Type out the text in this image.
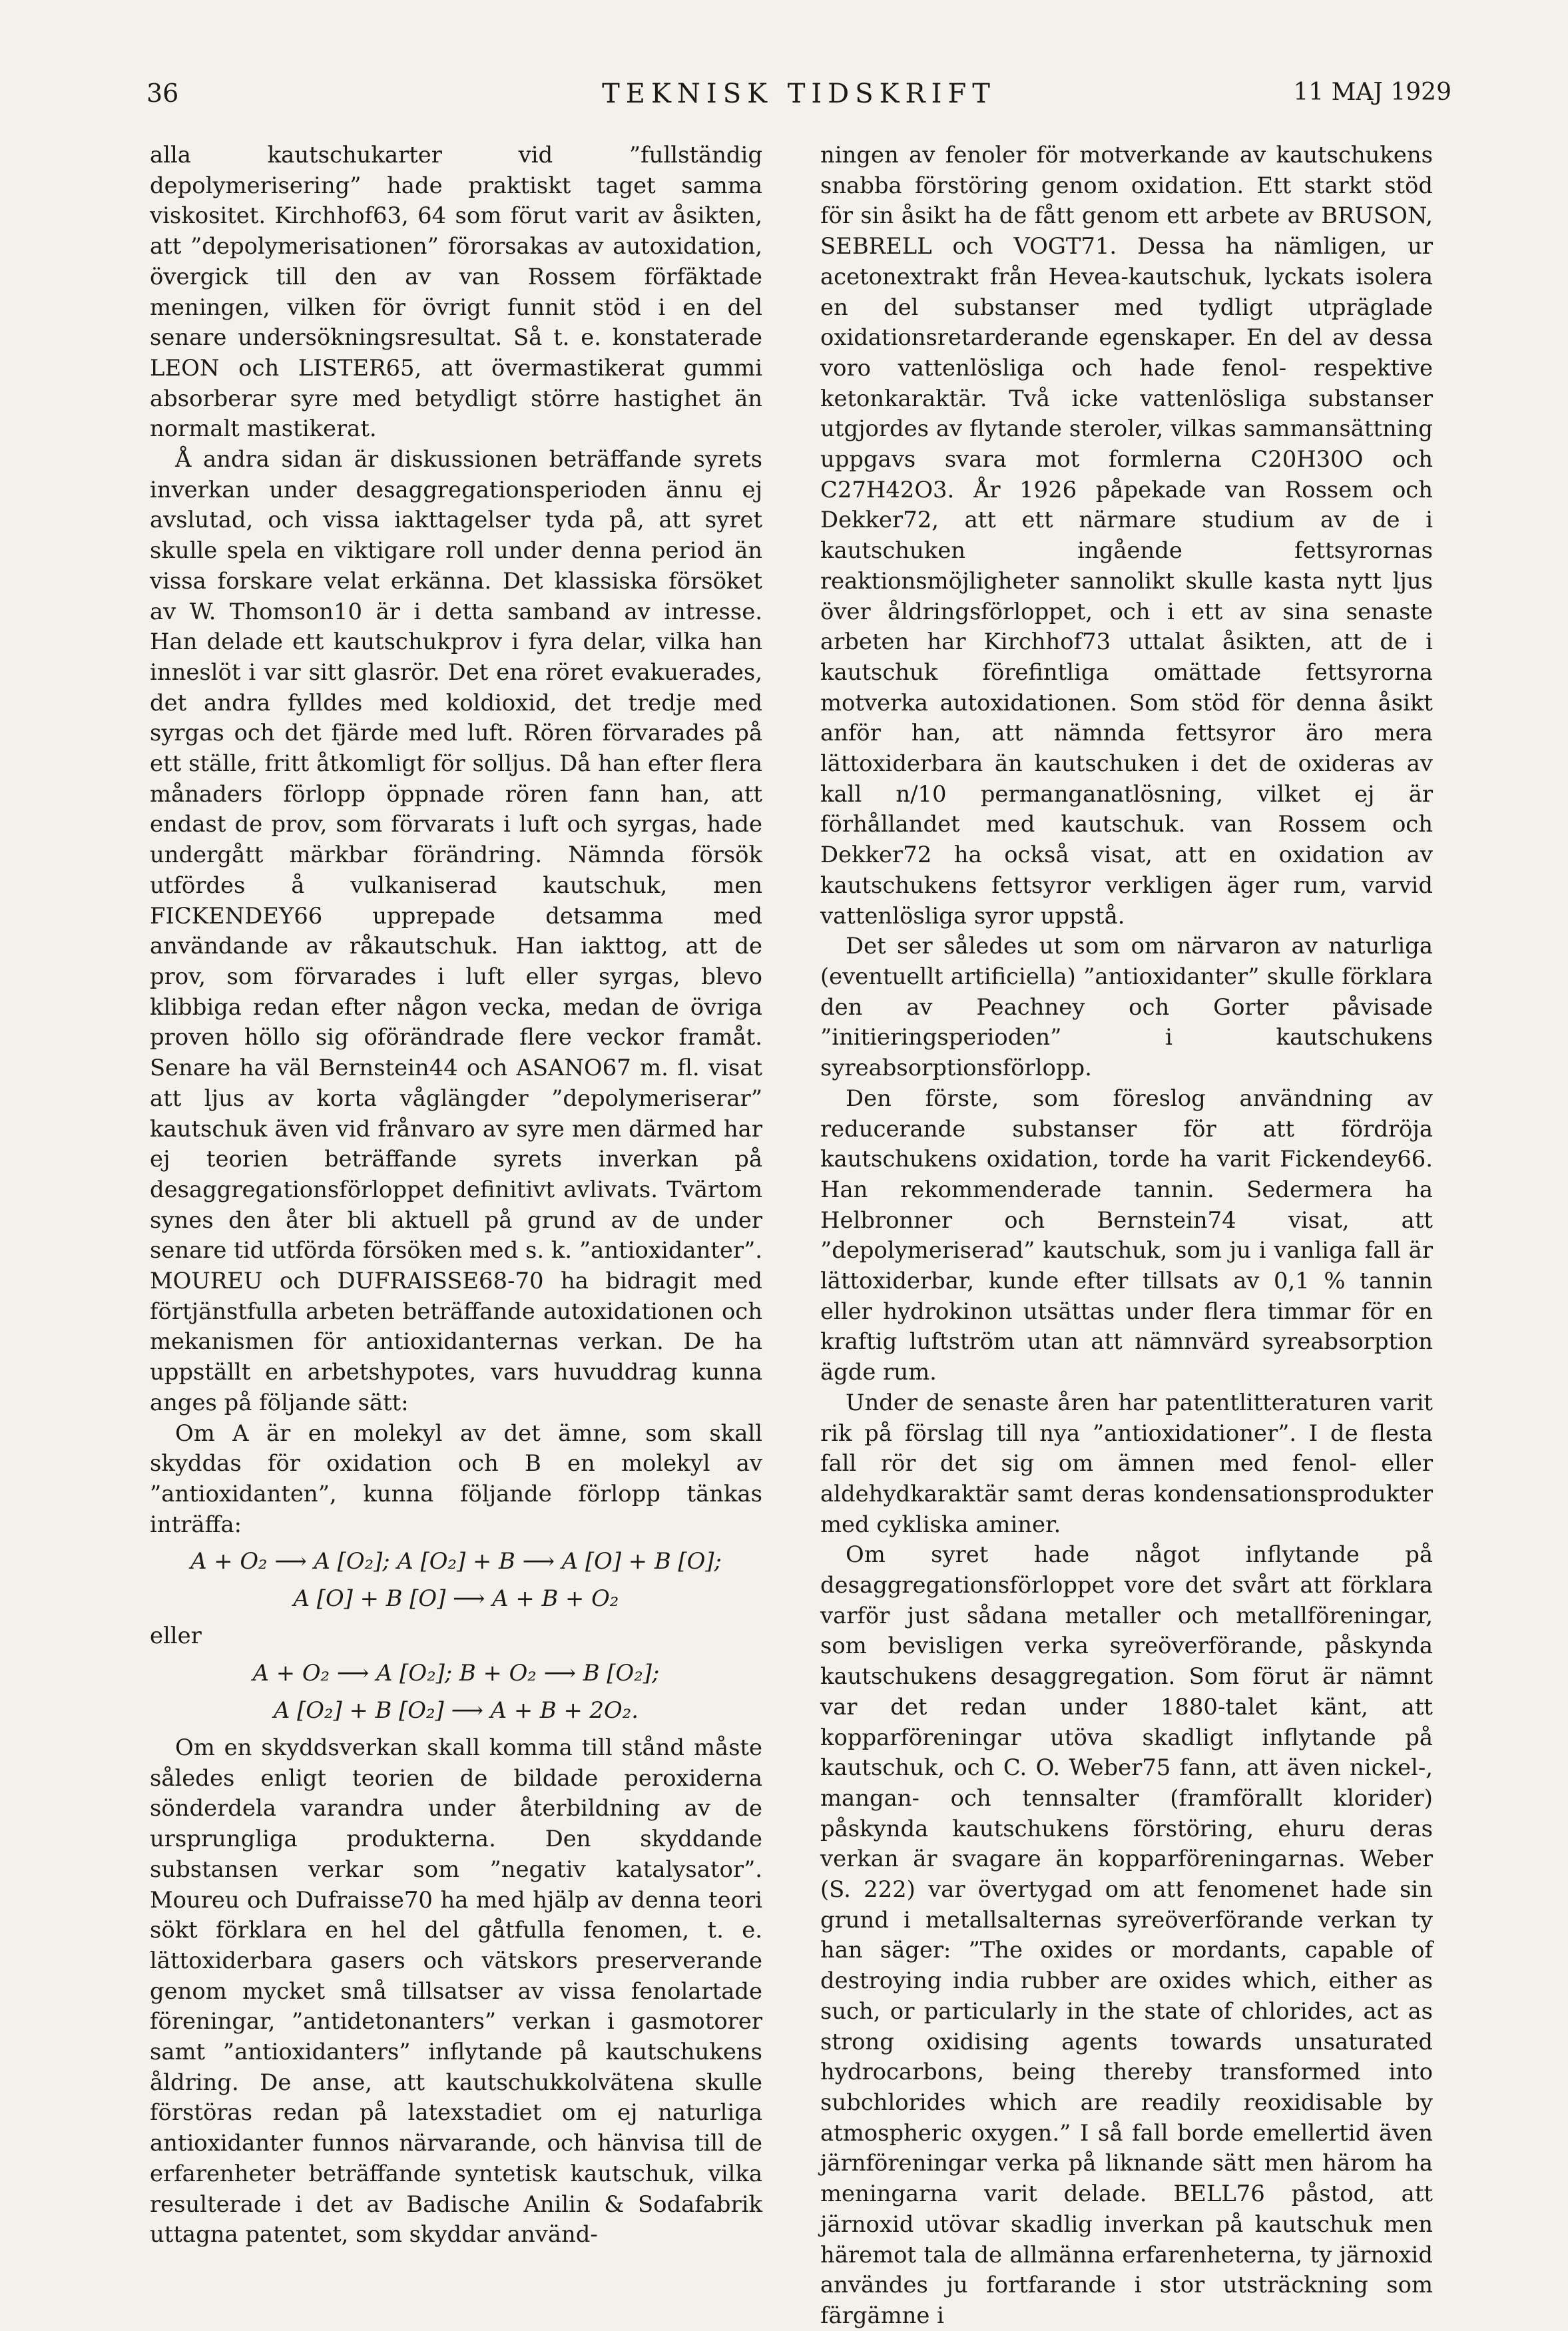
36	TEKNISK TIDSKRIFT	11 MAJ 1929

alla kautschukarter vid ”fullständig depolymerisering” hade praktiskt taget samma viskositet. Kirchhof63, 64 som förut varit av åsikten, att ”depolymerisationen” förorsakas av autoxidation, övergick till den av van Rossem förfäktade meningen, vilken för övrigt funnit stöd i en del senare undersökningsresultat. Så t. e. konstaterade LEON och LISTER65, att övermastikerat gummi absorberar syre med betydligt större hastighet än normalt mastikerat.

Å andra sidan är diskussionen beträffande syrets inverkan under desaggregationsperioden ännu ej avslutad, och vissa iakttagelser tyda på, att syret skulle spela en viktigare roll under denna period än vissa forskare velat erkänna. Det klassiska försöket av W. Thomson10 är i detta samband av intresse. Han delade ett kautschukprov i fyra delar, vilka han inneslöt i var sitt glasrör. Det ena röret evakuerades, det andra fylldes med koldioxid, det tredje med syrgas och det fjärde med luft. Rören förvarades på ett ställe, fritt åtkomligt för solljus. Då han efter flera månaders förlopp öppnade rören fann han, att endast de prov, som förvarats i luft och syrgas, hade undergått märkbar förändring. Nämnda försök utfördes å vulkaniserad kautschuk, men FICKENDEY66 upprepade detsamma med användande av råkautschuk. Han iakttog, att de prov, som förvarades i luft eller syrgas, blevo klibbiga redan efter någon vecka, medan de övriga proven höllo sig oförändrade flere veckor framåt. Senare ha väl Bernstein44 och ASANO67 m. fl. visat att ljus av korta våglängder ”depolymeriserar” kautschuk även vid frånvaro av syre men därmed har ej teorien beträffande syrets inverkan på desaggregationsförloppet definitivt avlivats. Tvärtom synes den åter bli aktuell på grund av de under senare tid utförda försöken med s. k. ”antioxidanter”. MOUREU och DUFRAISSE68-70 ha bidragit med förtjänstfulla arbeten beträffande autoxidationen och mekanismen för antioxidanternas verkan. De ha uppställt en arbetshypotes, vars huvuddrag kunna anges på följande sätt:

Om A är en molekyl av det ämne, som skall skyddas för oxidation och B en molekyl av ”antioxidanten”, kunna följande förlopp tänkas inträffa:

A + O₂ ⟶ A [O₂]; A [O₂] + B ⟶ A [O] + B [O];
A [O] + B [O] ⟶ A + B + O₂
eller
A + O₂ ⟶ A [O₂]; B + O₂ ⟶ B [O₂];
A [O₂] + B [O₂] ⟶ A + B + 2O₂.

Om en skyddsverkan skall komma till stånd måste således enligt teorien de bildade peroxiderna sönderdela varandra under återbildning av de ursprungliga produkterna. Den skyddande substansen verkar som ”negativ katalysator”. Moureu och Dufraisse70 ha med hjälp av denna teori sökt förklara en hel del gåtfulla fenomen, t. e. lättoxiderbara gasers och vätskors preserverande genom mycket små tillsatser av vissa fenolartade föreningar, ”antidetonanters” verkan i gasmotorer samt ”antioxidanters” inflytande på kautschukens åldring. De anse, att kautschukkolvätena skulle förstöras redan på latexstadiet om ej naturliga antioxidanter funnos närvarande, och hänvisa till de erfarenheter beträffande syntetisk kautschuk, vilka resulterade i det av Badische Anilin & Sodafabrik uttagna patentet, som skyddar använd-

ningen av fenoler för motverkande av kautschukens snabba förstöring genom oxidation. Ett starkt stöd för sin åsikt ha de fått genom ett arbete av BRUSON, SEBRELL och VOGT71. Dessa ha nämligen, ur acetonextrakt från Hevea-kautschuk, lyckats isolera en del substanser med tydligt utpräglade oxidationsretarderande egenskaper. En del av dessa voro vattenlösliga och hade fenol- respektive ketonkaraktär. Två icke vattenlösliga substanser utgjordes av flytande steroler, vilkas sammansättning uppgavs svara mot formlerna C20H30O och C27H42O3. År 1926 påpekade van Rossem och Dekker72, att ett närmare studium av de i kautschuken ingående fettsyrornas reaktionsmöjligheter sannolikt skulle kasta nytt ljus över åldringsförloppet, och i ett av sina senaste arbeten har Kirchhof73 uttalat åsikten, att de i kautschuk förefintliga omättade fettsyrorna motverka autoxidationen. Som stöd för denna åsikt anför han, att nämnda fettsyror äro mera lättoxiderbara än kautschuken i det de oxideras av kall n/10 permanganatlösning, vilket ej är förhållandet med kautschuk. van Rossem och Dekker72 ha också visat, att en oxidation av kautschukens fettsyror verkligen äger rum, varvid vattenlösliga syror uppstå.

Det ser således ut som om närvaron av naturliga (eventuellt artificiella) ”antioxidanter” skulle förklara den av Peachney och Gorter påvisade ”initieringsperioden” i kautschukens syreabsorptionsförlopp.

Den förste, som föreslog användning av reducerande substanser för att fördröja kautschukens oxidation, torde ha varit Fickendey66. Han rekommenderade tannin. Sedermera ha Helbronner och Bernstein74 visat, att ”depolymeriserad” kautschuk, som ju i vanliga fall är lättoxiderbar, kunde efter tillsats av 0,1 % tannin eller hydrokinon utsättas under flera timmar för en kraftig luftström utan att nämnvärd syreabsorption ägde rum.

Under de senaste åren har patentlitteraturen varit rik på förslag till nya ”antioxidationer”. I de flesta fall rör det sig om ämnen med fenol- eller aldehydkaraktär samt deras kondensationsprodukter med cykliska aminer.

Om syret hade något inflytande på desaggregationsförloppet vore det svårt att förklara varför just sådana metaller och metallföreningar, som bevisligen verka syreöverförande, påskynda kautschukens desaggregation. Som förut är nämnt var det redan under 1880-talet känt, att kopparföreningar utöva skadligt inflytande på kautschuk, och C. O. Weber75 fann, att även nickel-, mangan- och tennsalter (framförallt klorider) påskynda kautschukens förstöring, ehuru deras verkan är svagare än kopparföreningarnas. Weber (S. 222) var övertygad om att fenomenet hade sin grund i metallsalternas syreöverförande verkan ty han säger: ”The oxides or mordants, capable of destroying india rubber are oxides which, either as such, or particularly in the state of chlorides, act as strong oxidising agents towards unsaturated hydrocarbons, being thereby transformed into subchlorides which are readily reoxidisable by atmospheric oxygen.” I så fall borde emellertid även järnföreningar verka på liknande sätt men härom ha meningarna varit delade. BELL76 påstod, att järnoxid utövar skadlig inverkan på kautschuk men häremot tala de allmänna erfarenheterna, ty järnoxid användes ju fortfarande i stor utsträckning som färgämne i
